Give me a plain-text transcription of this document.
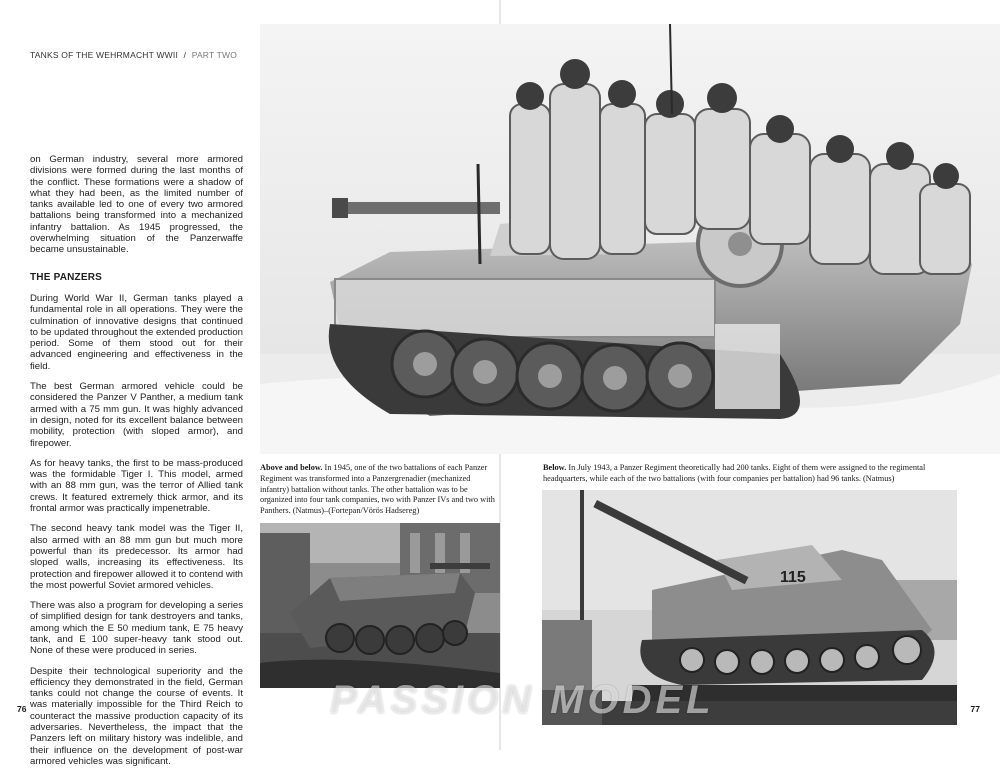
TANKS OF THE WEHRMACHT WWII / PART TWO

on German industry, several more armored divisions were formed during the last months of the conflict. These formations were a shadow of what they had been, as the limited number of tanks available led to one of every two armored battalions being transformed into a mechanized infantry battalion. As 1945 progressed, the overwhelming situation of the Panzerwaffe became unsustainable.

THE PANZERS

During World War II, German tanks played a fundamental role in all operations. They were the culmination of innovative designs that continued to be updated throughout the extended production period. Some of them stood out for their advanced engineering and effectiveness in the field.

The best German armored vehicle could be considered the Panzer V Panther, a medium tank armed with a 75 mm gun. It was highly advanced in design, noted for its excellent balance between mobility, protection (with sloped armor), and firepower.

As for heavy tanks, the first to be mass-produced was the formidable Tiger I. This model, armed with an 88 mm gun, was the terror of Allied tank crews. It featured extremely thick armor, and its frontal armor was practically impenetrable.

The second heavy tank model was the Tiger II, also armed with an 88 mm gun but much more powerful than its predecessor. Its armor had sloped walls, increasing its effectiveness. Its protection and firepower allowed it to contend with the most powerful Soviet armored vehicles.

There was also a program for developing a series of simplified design for tank destroyers and tanks, among which the E 50 medium tank, E 75 heavy tank, and E 100 super-heavy tank stood out. None of these were produced in series.

Despite their technological superiority and the efficiency they demonstrated in the field, German tanks could not change the course of events. It was materially impossible for the Third Reich to counteract the massive production capacity of its adversaries. Nevertheless, the impact that the Panzers left on military history was indelible, and their influence on the development of post-war armored vehicles was significant.

76	77
115
Above and below. In 1945, one of the two battalions of each Panzer Regiment was transformed into a Panzergrenadier (mechanized infantry) battalion without tanks. The other battalion was to be organized into four tank companies, two with Panzer IVs and two with Panthers. (Natmus)–(Fortepan/Vörös Hadsereg)
Below. In July 1943, a Panzer Regiment theoretically had 200 tanks. Eight of them were assigned to the regimental headquarters, while each of the two battalions (with four companies per battalion) had 96 tanks. (Natmus)
PASSION MODEL
